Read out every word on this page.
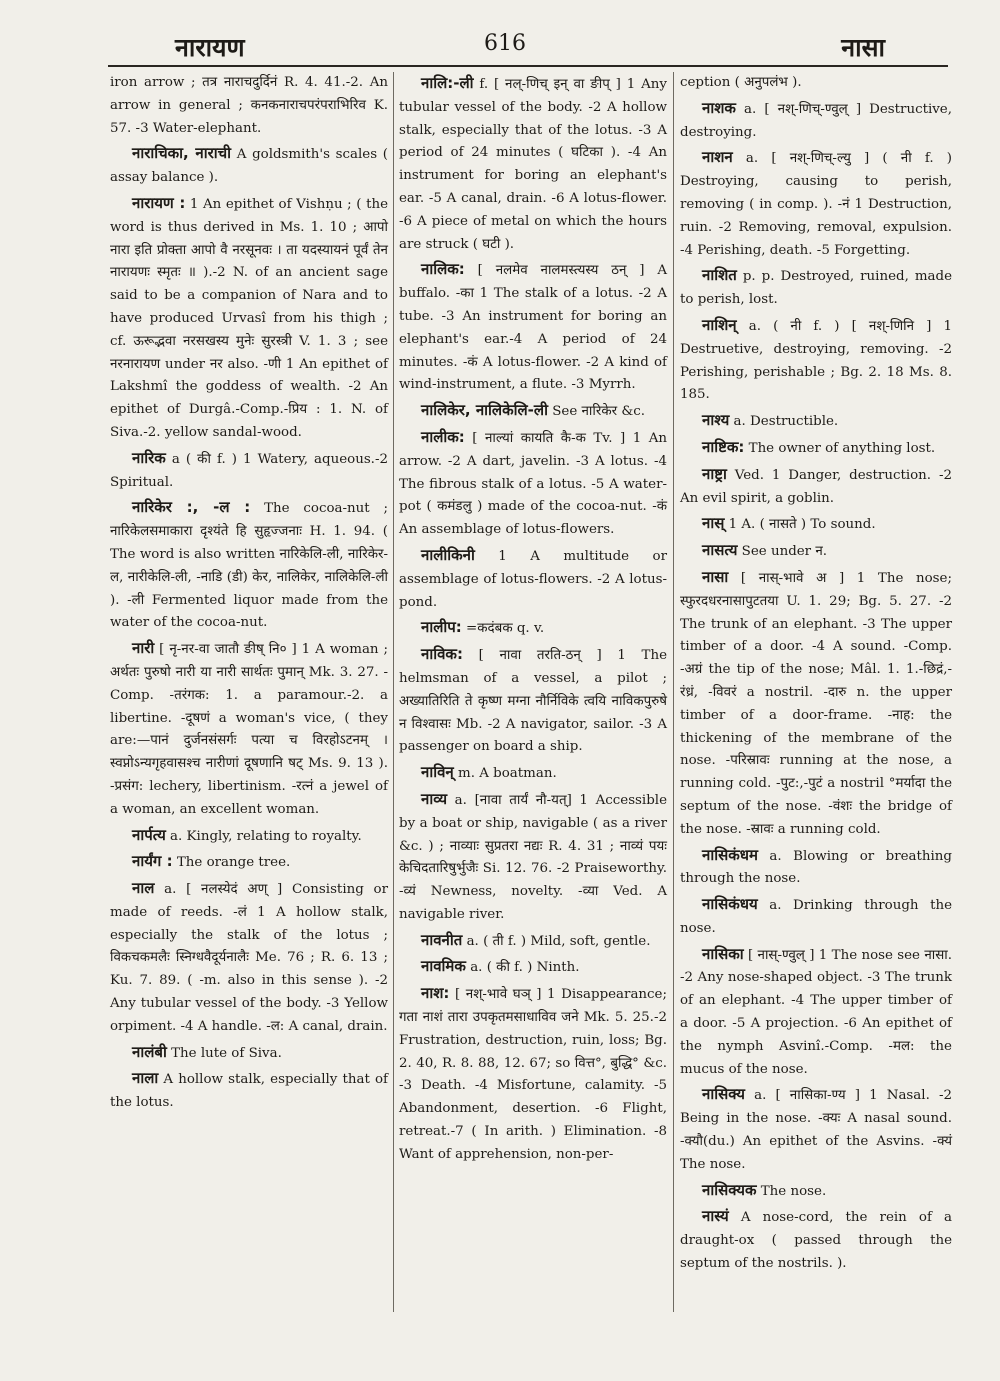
नारायण	616	नासा

iron arrow ; तत्र नाराचदुर्दिनं R. 4. 41.-2. An arrow in general ; कनकनाराचपरंपराभिरिव K. 57. -3 Water-elephant.

नाराचिका, नाराची A goldsmith's scales ( assay balance ).

नारायण : 1 An epithet of Vishṇu ; ( the word is thus derived in Ms. 1. 10 ; आपो नारा इति प्रोक्ता आपो वै नरसूनवः । ता यदस्यायनं पूर्वं तेन नारायणः स्मृतः ॥ ).-2 N. of an ancient sage said to be a companion of Nara and to have produced Urvasî from his thigh ; cf. ऊरूद्भवा नरसखस्य मुनेः सुरस्त्री V. 1. 3 ; see नरनारायण under नर also. -णी 1 An epithet of Lakshmî the goddess of wealth. -2 An epithet of Durgâ.-Comp.-प्रिय : 1. N. of Siva.-2. yellow sandal-wood.

नारिक a ( की f. ) 1 Watery, aqueous.-2 Spiritual.

नारिकेर :, -ल : The cocoa-nut ; नारिकेलसमाकारा दृश्यंते हि सुहृज्जनाः H. 1. 94. ( The word is also written नारिकेलि-ली, नारिकेर-ल, नारीकेलि-ली, -नाडि (डी) केर, नालिकेर, नालिकेलि-ली ). -ली Fermented liquor made from the water of the cocoa-nut.

नारी [ नृ-नर-वा जातौ ङीष् नि० ] 1 A woman ; अर्थतः पुरुषो नारी या नारी सार्थतः पुमान् Mk. 3. 27. -Comp. -तरंगक: 1. a paramour.-2. a libertine. -दूषणं a woman's vice, ( they are:—पानं दुर्जनसंसर्गः पत्या च विरहोऽटनम् । स्वप्नोऽन्यगृहवासश्च नारीणां दूषणानि षट् Ms. 9. 13 ). -प्रसंग: lechery, libertinism. -रत्नं a jewel of a woman, an excellent woman.

नार्पत्य a. Kingly, relating to royalty.

नार्यंग : The orange tree.

नाल a. [ नलस्येदं अण् ] Consisting or made of reeds. -लं 1 A hollow stalk, especially the stalk of the lotus ; विकचकमलैः स्निग्धवैदूर्यनालैः Me. 76 ; R. 6. 13 ; Ku. 7. 89. ( -m. also in this sense ). -2 Any tubular vessel of the body. -3 Yellow orpiment. -4 A handle. -ल: A canal, drain.

नालंबी The lute of Siva.

नाला A hollow stalk, especially that of the lotus.

नालि:-ली f. [ नल्-णिच् इन् वा ङीप् ] 1 Any tubular vessel of the body. -2 A hollow stalk, especially that of the lotus. -3 A period of 24 minutes ( घटिका ). -4 An instrument for boring an elephant's ear. -5 A canal, drain. -6 A lotus-flower. -6 A piece of metal on which the hours are struck ( घटी ).

नालिक: [ नलमेव नालमस्त्यस्य ठन् ] A buffalo. -का 1 The stalk of a lotus. -2 A tube. -3 An instrument for boring an elephant's ear.-4 A period of 24 minutes. -कं A lotus-flower. -2 A kind of wind-instrument, a flute. -3 Myrrh.

नालिकेर, नालिकेलि-ली See नारिकेर &c.

नालीक: [ नाल्यां कायति कै-क Tv. ] 1 An arrow. -2 A dart, javelin. -3 A lotus. -4 The fibrous stalk of a lotus. -5 A water-pot ( कमंडलु ) made of the cocoa-nut. -कं An assemblage of lotus-flowers.

नालीकिनी 1 A multitude or assemblage of lotus-flowers. -2 A lotus-pond.

नालीप: =कदंबक q. v.

नाविक: [ नावा तरति-ठन् ] 1 The helmsman of a vessel, a pilot ; अख्यातिरिति ते कृष्ण मग्ना नौर्निविके त्वयि नाविकपुरुषे न विश्वासः Mb. -2 A navigator, sailor. -3 A passenger on board a ship.

नाविन् m. A boatman.

नाव्य a. [नावा तार्यं नौ-यत्] 1 Accessible by a boat or ship, navigable ( as a river &c. ) ; नाव्याः सुप्रतरा नद्यः R. 4. 31 ; नाव्यं पयः केचिदतारिषुर्भुजैः Si. 12. 76. -2 Praiseworthy. -व्यं Newness, novelty. -व्या Ved. A navigable river.

नावनीत a. ( ती f. ) Mild, soft, gentle.

नावमिक a. ( की f. ) Ninth.

नाश: [ नश्-भावे घञ् ] 1 Disappearance; गता नाशं तारा उपकृतमसाधाविव जने Mk. 5. 25.-2 Frustration, destruction, ruin, loss; Bg. 2. 40, R. 8. 88, 12. 67; so वित्त°, बुद्धि° &c. -3 Death. -4 Misfortune, calamity. -5 Abandonment, desertion. -6 Flight, retreat.-7 ( In arith. ) Elimination. -8 Want of apprehension, non-per-

ception ( अनुपलंभ ).

नाशक a. [ नश्-णिच्-ण्वुल् ] Destructive, destroying.

नाशन a. [ नश्-णिच्-ल्यु ] ( नी f. ) Destroying, causing to perish, removing ( in comp. ). -नं 1 Destruction, ruin. -2 Removing, removal, expulsion. -4 Perishing, death. -5 Forgetting.

नाशित p. p. Destroyed, ruined, made to perish, lost.

नाशिन् a. ( नी f. ) [ नश्-णिनि ] 1 Destruetive, destroying, removing. -2 Perishing, perishable ; Bg. 2. 18 Ms. 8. 185.

नाश्य a. Destructible.

नाष्टिक: The owner of anything lost.

नाष्ट्रा Ved. 1 Danger, destruction. -2 An evil spirit, a goblin.

नास् 1 A. ( नासते ) To sound.

नासत्य See under न.

नासा [ नास्-भावे अ ] 1 The nose; स्फुरदधरनासापुटतया U. 1. 29; Bg. 5. 27. -2 The trunk of an elephant. -3 The upper timber of a door. -4 A sound. -Comp. -अग्रं the tip of the nose; Mâl. 1. 1.-छिद्रं,-रंध्रं, -विवरं a nostril. -दारु n. the upper timber of a door-frame. -नाह: the thickening of the membrane of the nose. -परिस्रावः running at the nose, a running cold. -पुट:,-पुटं a nostril °मर्यादा the septum of the nose. -वंशः the bridge of the nose. -स्रावः a running cold.

नासिकंधम a. Blowing or breathing through the nose.

नासिकंधय a. Drinking through the nose.

नासिका [ नास्-ण्वुल् ] 1 The nose see नासा. -2 Any nose-shaped object. -3 The trunk of an elephant. -4 The upper timber of a door. -5 A projection. -6 An epithet of the nymph Asvinî.-Comp. -मल: the mucus of the nose.

नासिक्य a. [ नासिका-ण्य ] 1 Nasal. -2 Being in the nose. -क्यः A nasal sound. -क्यौ(du.) An epithet of the Asvins. -क्यं The nose.

नासिक्यक The nose.

नास्यं A nose-cord, the rein of a draught-ox ( passed through the septum of the nostrils. ).
